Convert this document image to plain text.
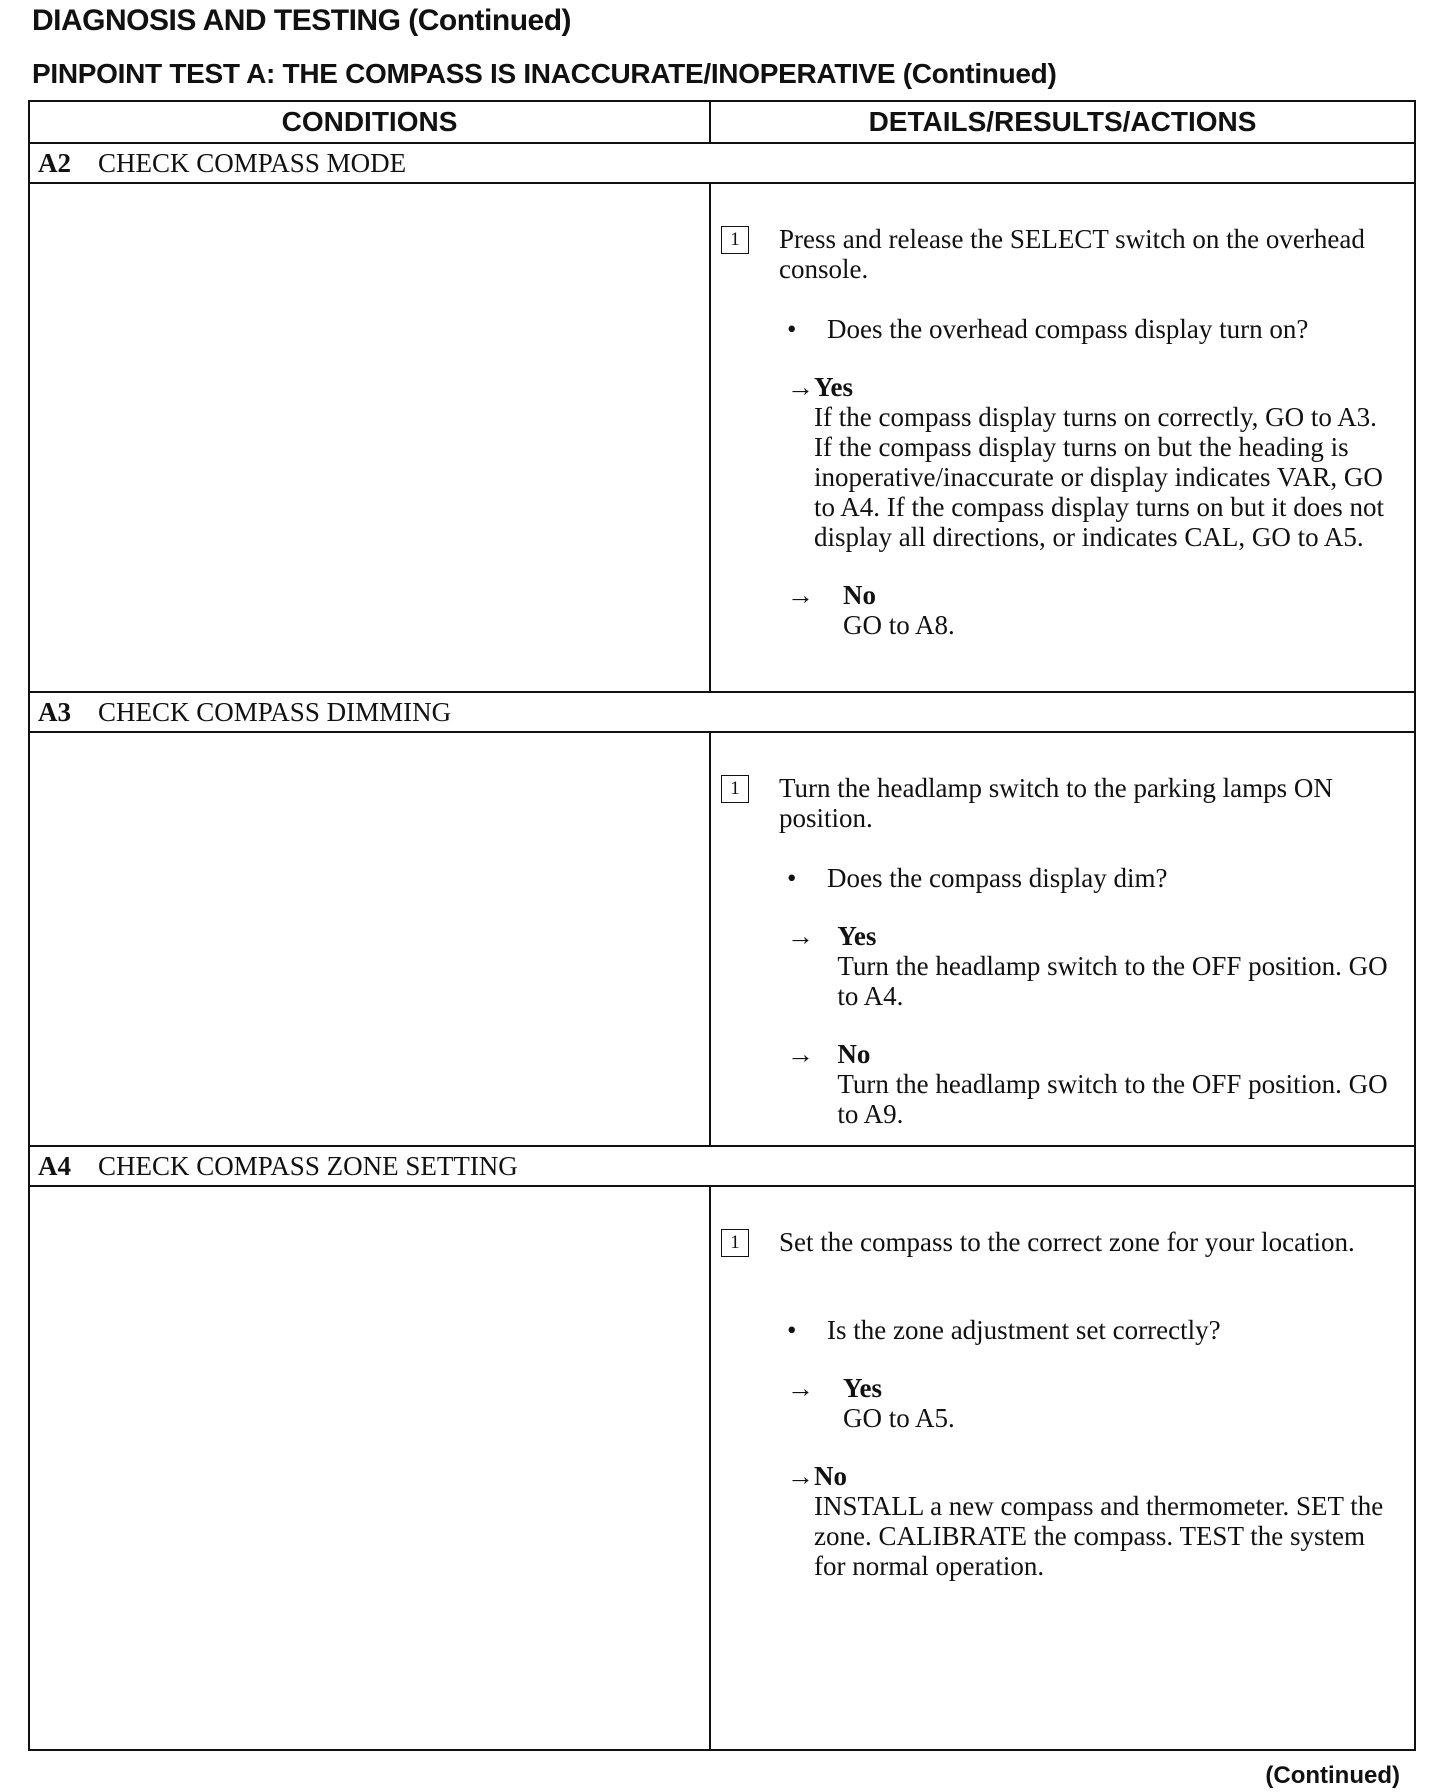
DIAGNOSIS AND TESTING (Continued)
PINPOINT TEST A: THE COMPASS IS INACCURATE/INOPERATIVE (Continued)
CONDITIONS	DETAILS/RESULTS/ACTIONS
A2	CHECK COMPASS MODE
1	Press and release the SELECT switch on the overhead console.
•	Does the overhead compass display turn on?
→ Yes
If the compass display turns on correctly, GO to A3. If the compass display turns on but the heading is inoperative/inaccurate or display indicates VAR, GO to A4. If the compass display turns on but it does not display all directions, or indicates CAL, GO to A5.
→	No
GO to A8.
A3	CHECK COMPASS DIMMING
1	Turn the headlamp switch to the parking lamps ON position.
•	Does the compass display dim?
→ Yes
Turn the headlamp switch to the OFF position. GO to A4.
→ No
Turn the headlamp switch to the OFF position. GO to A9.
A4	CHECK COMPASS ZONE SETTING
1	Set the compass to the correct zone for your location.
•	Is the zone adjustment set correctly?
→	Yes
GO to A5.
→ No
INSTALL a new compass and thermometer. SET the zone. CALIBRATE the compass. TEST the system for normal operation.
(Continued)
